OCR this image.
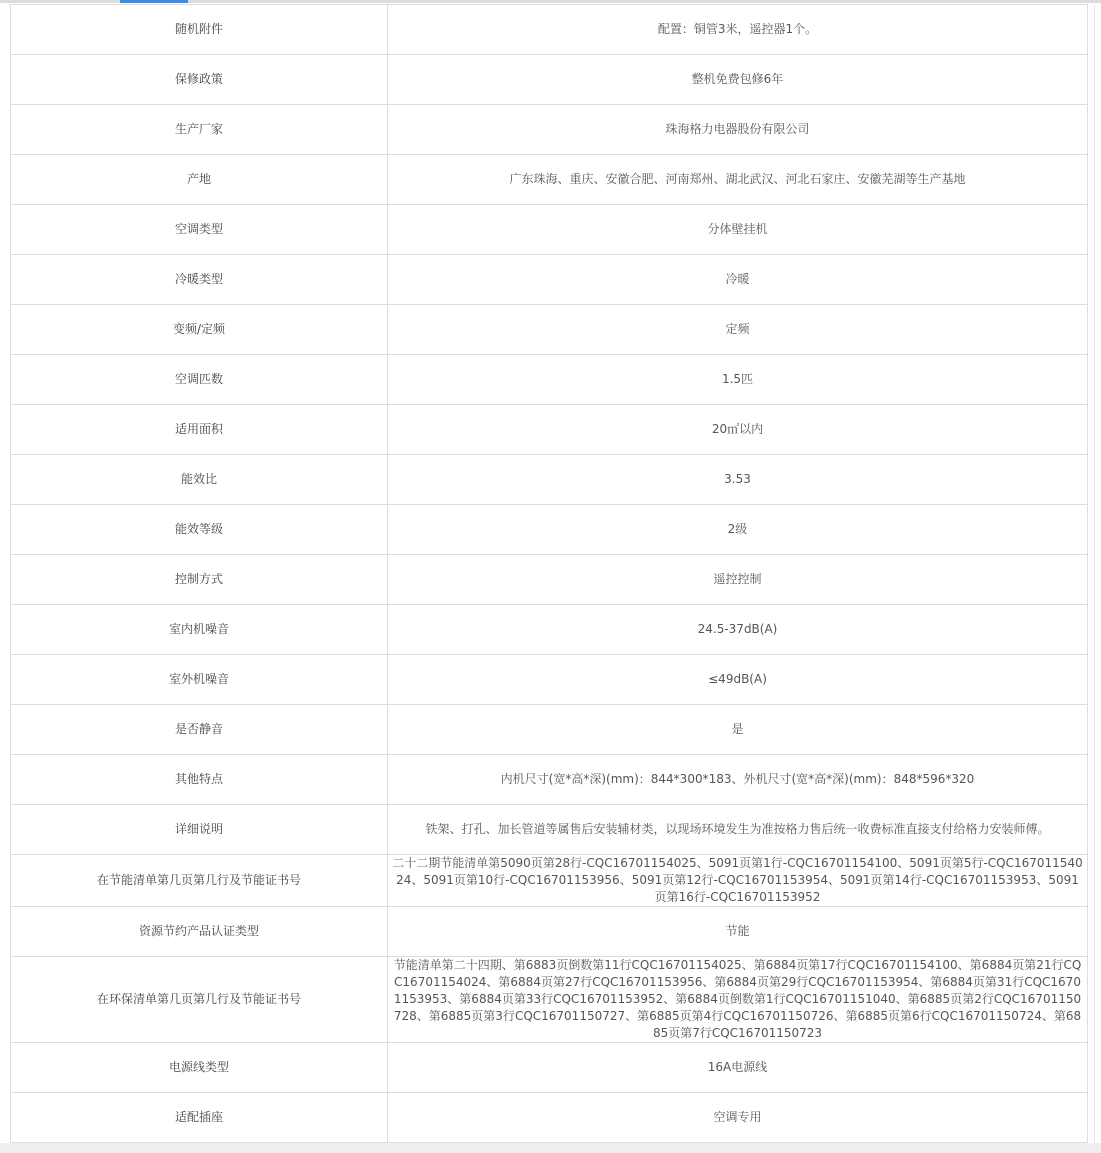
随机附件	配置：铜管3米，遥控器1个。
保修政策	整机免费包修6年
生产厂家	珠海格力电器股份有限公司
产地	广东珠海、重庆、安徽合肥、河南郑州、湖北武汉、河北石家庄、安徽芜湖等生产基地
空调类型	分体壁挂机
冷暖类型	冷暖
变频/定频	定频
空调匹数	1.5匹
适用面积	20㎡以内
能效比	3.53
能效等级	2级
控制方式	遥控控制
室内机噪音	24.5-37dB(A)
室外机噪音	≤49dB(A)
是否静音	是
其他特点	内机尺寸(宽*高*深)(mm)：844*300*183、外机尺寸(宽*高*深)(mm)：848*596*320
详细说明	铁架、打孔、加长管道等属售后安装辅材类，以现场环境发生为准按格力售后统一收费标准直接支付给格力安装师傅。
在节能清单第几页第几行及节能证书号	二十二期节能清单第5090页第28行-CQC16701154025、5091页第1行-CQC16701154100、5091页第5行-CQC16701154024、5091页第10行-CQC16701153956、5091页第12行-CQC16701153954、5091页第14行-CQC16701153953、5091页第16行-CQC16701153952
资源节约产品认证类型	节能
在环保清单第几页第几行及节能证书号	节能清单第二十四期、第6883页倒数第11行CQC16701154025、第6884页第17行CQC16701154100、第6884页第21行CQC16701154024、第6884页第27行CQC16701153956、第6884页第29行CQC16701153954、第6884页第31行CQC16701153953、第6884页第33行CQC16701153952、第6884页倒数第1行CQC16701151040、第6885页第2行CQC16701150728、第6885页第3行CQC16701150727、第6885页第4行CQC16701150726、第6885页第6行CQC16701150724、第6885页第7行CQC16701150723
电源线类型	16A电源线
适配插座	空调专用
